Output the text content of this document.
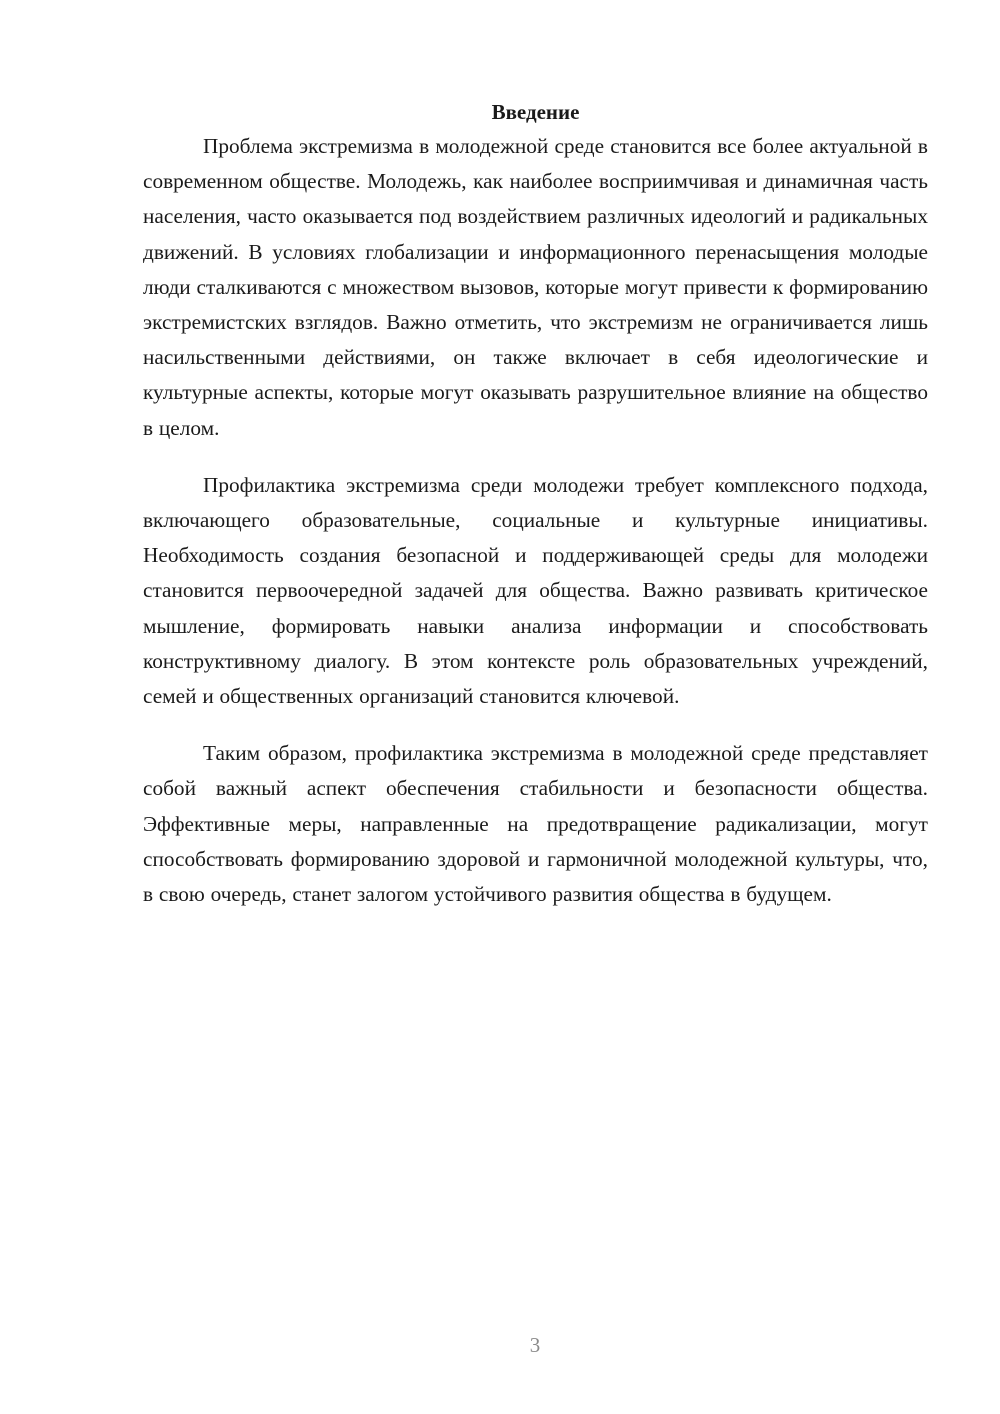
Введение

Проблема экстремизма в молодежной среде становится все более актуальной в современном обществе. Молодежь, как наиболее восприимчивая и динамичная часть населения, часто оказывается под воздействием различных идеологий и радикальных движений. В условиях глобализации и информационного перенасыщения молодые люди сталкиваются с множеством вызовов, которые могут привести к формированию экстремистских взглядов. Важно отметить, что экстремизм не ограничивается лишь насильственными действиями, он также включает в себя идеологические и культурные аспекты, которые могут оказывать разрушительное влияние на общество в целом.

Профилактика экстремизма среди молодежи требует комплексного подхода, включающего образовательные, социальные и культурные инициативы. Необходимость создания безопасной и поддерживающей среды для молодежи становится первоочередной задачей для общества. Важно развивать критическое мышление, формировать навыки анализа информации и способствовать конструктивному диалогу. В этом контексте роль образовательных учреждений, семей и общественных организаций становится ключевой.

Таким образом, профилактика экстремизма в молодежной среде представляет собой важный аспект обеспечения стабильности и безопасности общества. Эффективные меры, направленные на предотвращение радикализации, могут способствовать формированию здоровой и гармоничной молодежной культуры, что, в свою очередь, станет залогом устойчивого развития общества в будущем.

3
